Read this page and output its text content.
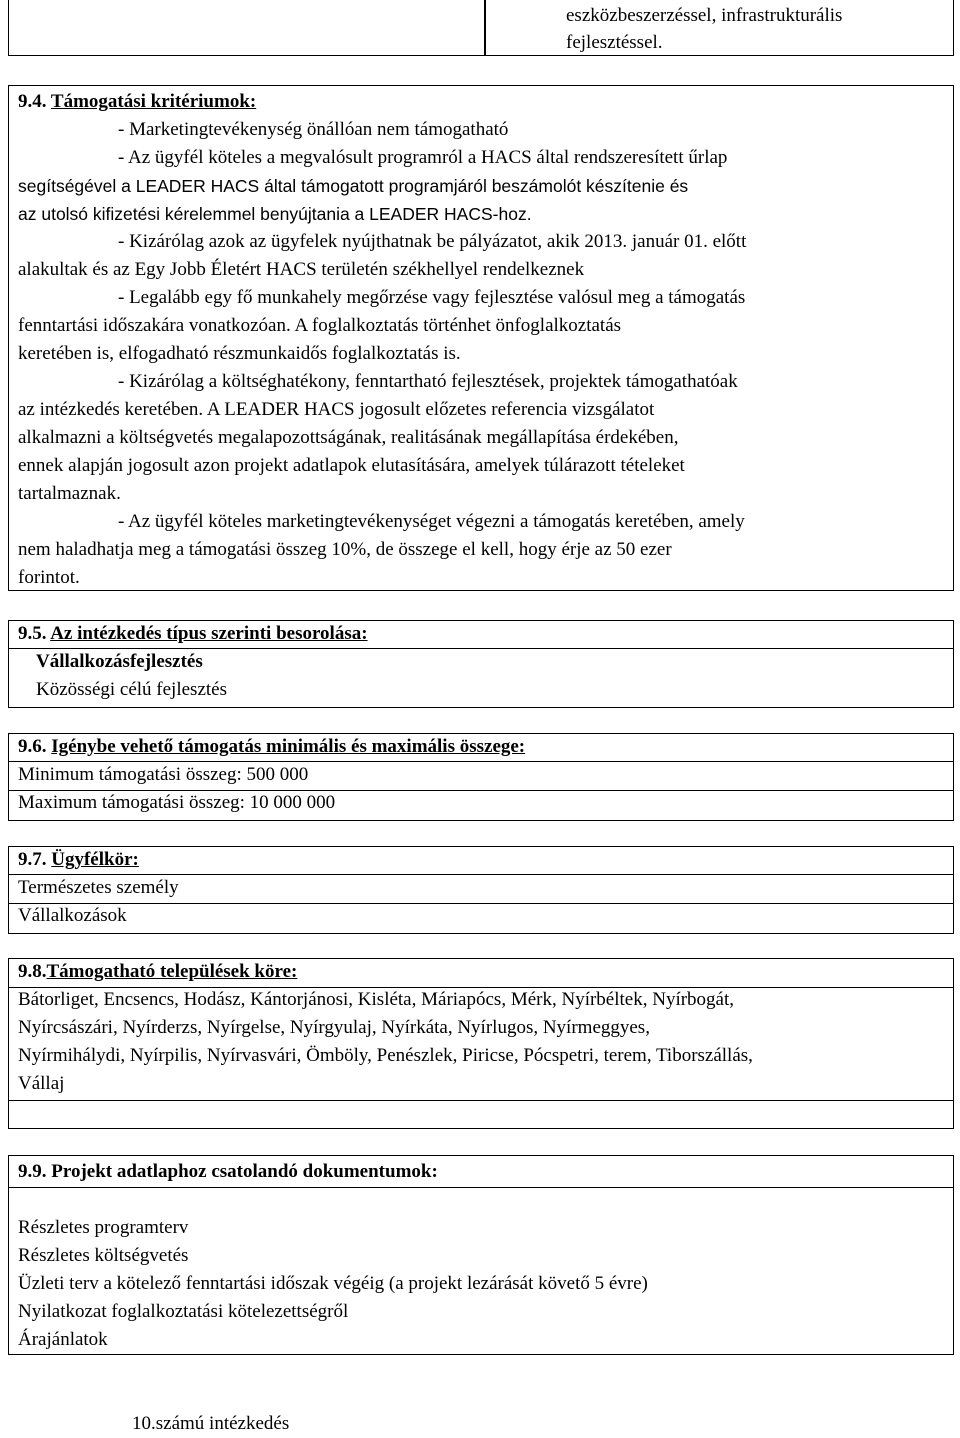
eszközbeszerzéssel, infrastrukturális
fejlesztéssel.
9.4. Támogatási kritériumok:
- Marketingtevékenység önállóan nem támogatható
- Az ügyfél köteles a megvalósult programról a HACS által rendszeresített űrlap
segítségével a LEADER HACS által támogatott programjáról beszámolót készítenie és
az utolsó kifizetési kérelemmel benyújtania a LEADER HACS-hoz.
- Kizárólag azok az ügyfelek nyújthatnak be pályázatot, akik 2013. január 01. előtt
alakultak és az Egy Jobb Életért HACS területén székhellyel rendelkeznek
- Legalább egy fő munkahely megőrzése vagy fejlesztése valósul meg a támogatás
fenntartási időszakára vonatkozóan. A foglalkoztatás történhet önfoglalkoztatás
keretében is, elfogadható részmunkaidős foglalkoztatás is.
- Kizárólag a költséghatékony, fenntartható fejlesztések, projektek támogathatóak
az intézkedés keretében. A LEADER HACS jogosult előzetes referencia vizsgálatot
alkalmazni a költségvetés megalapozottságának, realitásának megállapítása érdekében,
ennek alapján jogosult azon projekt adatlapok elutasítására, amelyek túlárazott tételeket
tartalmaznak.
- Az ügyfél köteles marketingtevékenységet végezni a támogatás keretében, amely
nem haladhatja meg a támogatási összeg 10%, de összege el kell, hogy érje az 50 ezer
forintot.
9.5. Az intézkedés típus szerinti besorolása:
Vállalkozásfejlesztés
Közösségi célú fejlesztés
9.6. Igénybe vehető támogatás minimális és maximális összege:
Minimum támogatási összeg: 500 000
Maximum támogatási összeg: 10 000 000
9.7. Ügyfélkör:
Természetes személy
Vállalkozások
9.8.Támogatható települések köre:
Bátorliget, Encsencs, Hodász, Kántorjánosi, Kisléta, Máriapócs, Mérk, Nyírbéltek, Nyírbogát,
Nyírcsászári, Nyírderzs, Nyírgelse, Nyírgyulaj, Nyírkáta, Nyírlugos, Nyírmeggyes,
Nyírmihálydi, Nyírpilis, Nyírvasvári, Ömböly, Penészlek, Piricse, Pócspetri, terem, Tiborszállás,
Vállaj
9.9. Projekt adatlaphoz csatolandó dokumentumok:
Részletes programterv
Részletes költségvetés
Üzleti terv a kötelező fenntartási időszak végéig (a projekt lezárását követő 5 évre)
Nyilatkozat foglalkoztatási kötelezettségről
Árajánlatok
10.számú intézkedés
